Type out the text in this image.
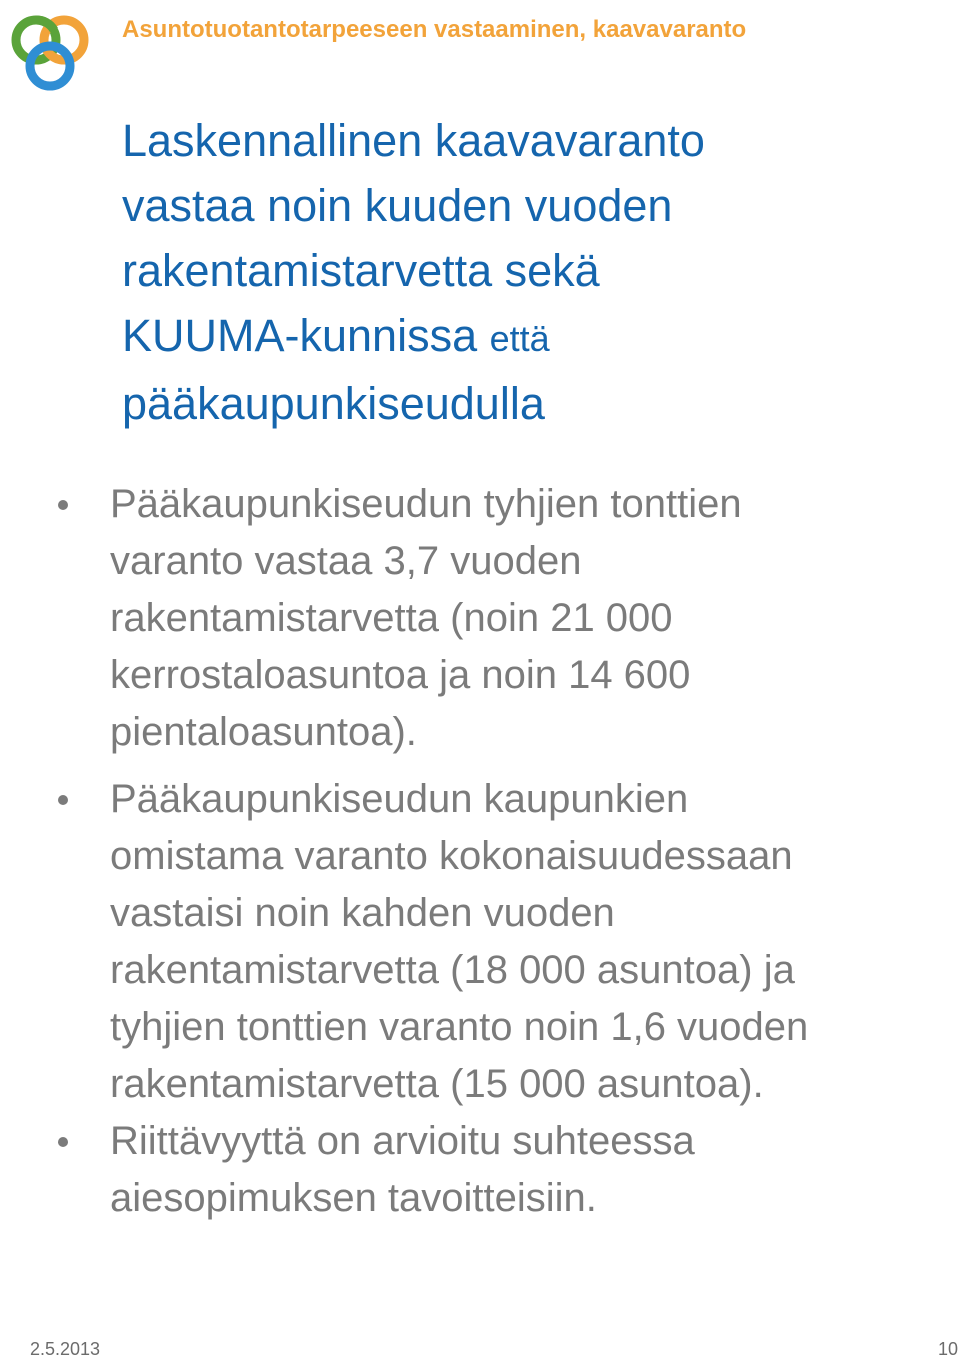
Asuntotuotantotarpeeseen vastaaminen, kaavavaranto
Laskennallinen kaavavaranto
vastaa noin kuuden vuoden
rakentamistarvetta sekä
KUUMA-kunnissa että
pääkaupunkiseudulla
Pääkaupunkiseudun tyhjien tonttien
varanto vastaa 3,7 vuoden
rakentamistarvetta (noin 21 000
kerrostaloasuntoa ja noin 14 600
pientaloasuntoa).
Pääkaupunkiseudun kaupunkien
omistama varanto kokonaisuudessaan
vastaisi noin kahden vuoden
rakentamistarvetta (18 000 asuntoa) ja
tyhjien tonttien varanto noin 1,6 vuoden
rakentamistarvetta (15 000 asuntoa).
Riittävyyttä on arvioitu suhteessa
aiesopimuksen tavoitteisiin.
2.5.2013	10
